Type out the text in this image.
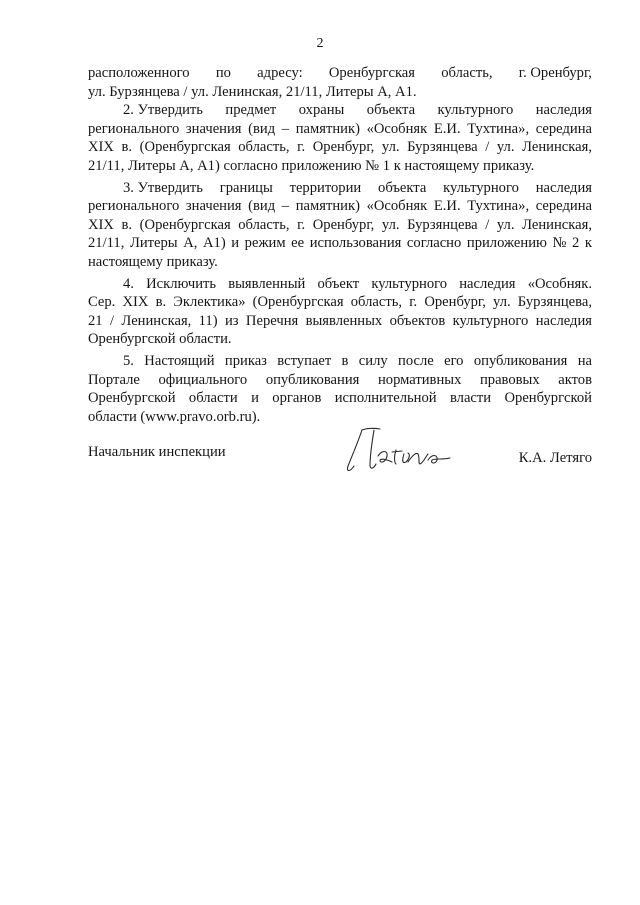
2
расположенного по адресу: Оренбургская область, г. Оренбург,
ул. Бурзянцева / ул. Ленинская, 21/11, Литеры А, А1.
2. Утвердить предмет охраны объекта культурного наследия
регионального значения (вид – памятник) «Особняк Е.И. Тухтина», середина
XIX в. (Оренбургская область, г. Оренбург, ул. Бурзянцева / ул. Ленинская,
21/11, Литеры А, А1) согласно приложению № 1 к настоящему приказу.
3. Утвердить границы территории объекта культурного наследия
регионального значения (вид – памятник) «Особняк Е.И. Тухтина», середина
XIX в. (Оренбургская область, г. Оренбург, ул. Бурзянцева / ул. Ленинская,
21/11, Литеры А, А1) и режим ее использования согласно приложению № 2 к
настоящему приказу.
4. Исключить выявленный объект культурного наследия «Особняк.
Сер. XIX в. Эклектика» (Оренбургская область, г. Оренбург, ул. Бурзянцева,
21 / Ленинская, 11) из Перечня выявленных объектов культурного наследия
Оренбургской области.
5. Настоящий приказ вступает в силу после его опубликования на
Портале официального опубликования нормативных правовых актов
Оренбургской области и органов исполнительной власти Оренбургской
области (www.pravo.orb.ru).
Начальник инспекции	К.А. Летяго
